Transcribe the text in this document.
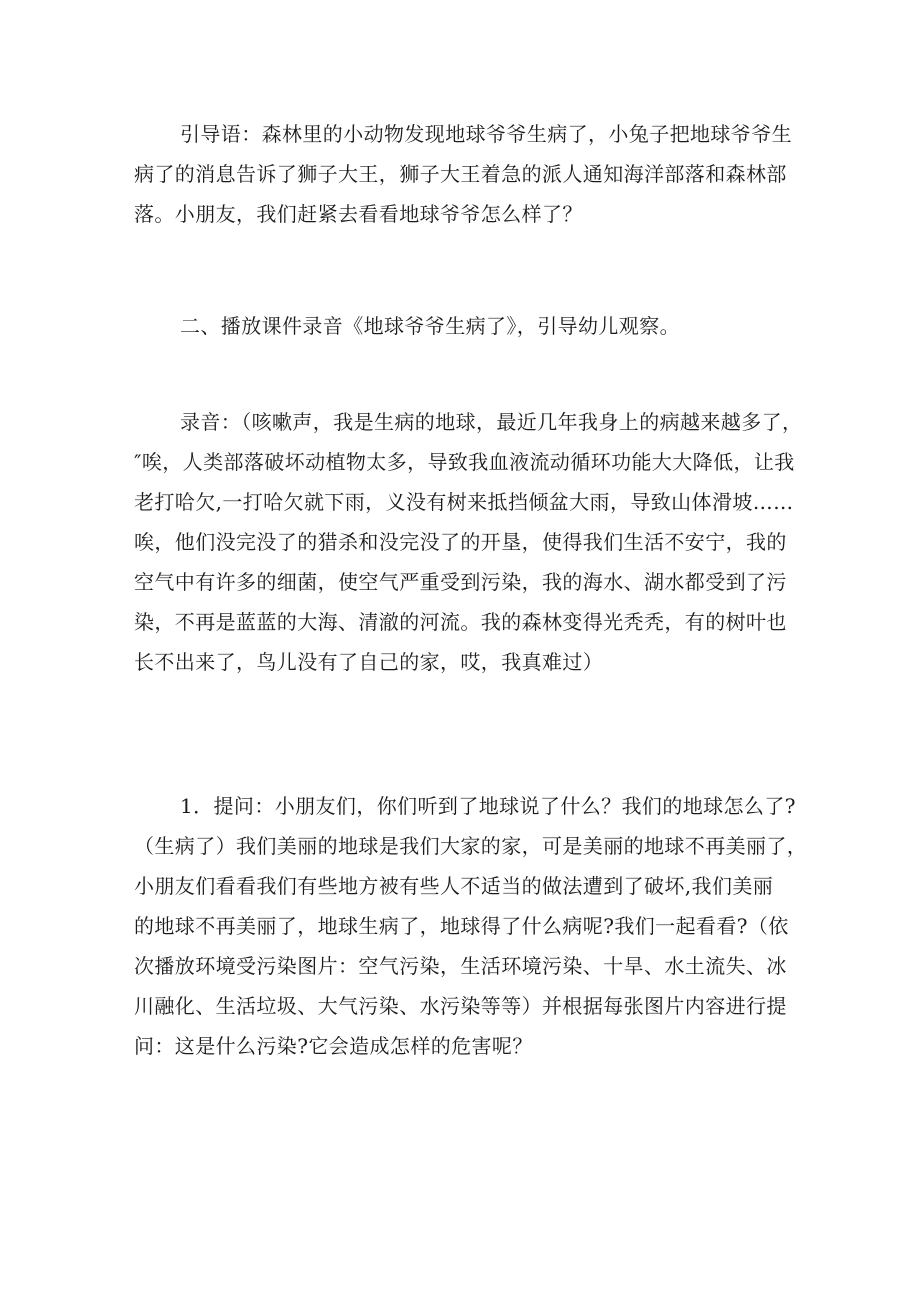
引导语：森林里的小动物发现地球爷爷生病了，小兔子把地球爷爷生
病了的消息告诉了狮子大王，狮子大王着急的派人通知海洋部落和森林部
落。小朋友，我们赶紧去看看地球爷爷怎么样了？

二、播放课件录音《地球爷爷生病了》，引导幼儿观察。

录音：（咳嗽声，我是生病的地球，最近几年我身上的病越来越多了，
″唉，人类部落破坏动植物太多，导致我血液流动循环功能大大降低，让我
老打哈欠,一打哈欠就下雨，义没有树来抵挡倾盆大雨，导致山体滑坡……
唉，他们没完没了的猎杀和没完没了的开垦，使得我们生活不安宁，我的
空气中有许多的细菌，使空气严重受到污染，我的海水、湖水都受到了污
染，不再是蓝蓝的大海、清澈的河流。我的森林变得光秃秃，有的树叶也
长不出来了，鸟儿没有了自己的家，哎，我真难过）

1．提问：小朋友们，你们听到了地球说了什么？我们的地球怎么了?
（生病了）我们美丽的地球是我们大家的家，可是美丽的地球不再美丽了，
小朋友们看看我们有些地方被有些人不适当的做法遭到了破坏,我们美丽
的地球不再美丽了，地球生病了，地球得了什么病呢?我们一起看看?（依
次播放环境受污染图片：空气污染，生活环境污染、十旱、水土流失、冰
川融化、生活垃圾、大气污染、水污染等等）并根据每张图片内容进行提
问：这是什么污染?它会造成怎样的危害呢？
